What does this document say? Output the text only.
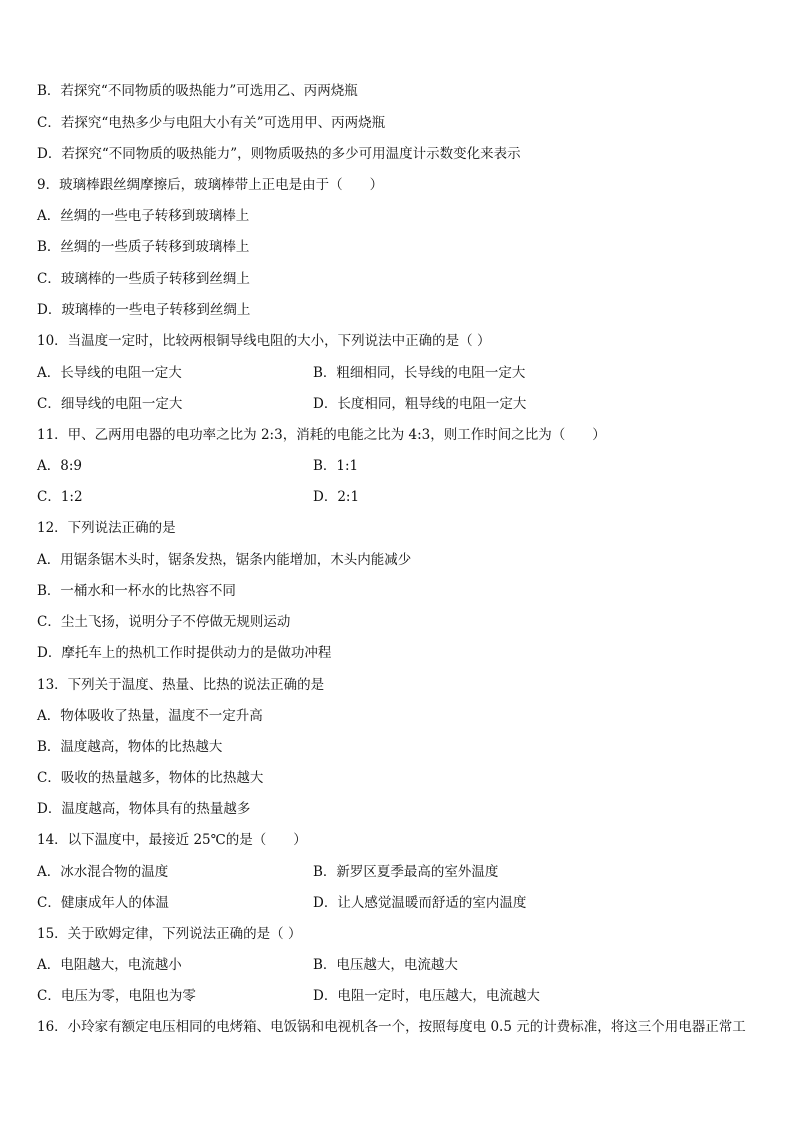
B．若探究“不同物质的吸热能力”可选用乙、丙两烧瓶
C．若探究“电热多少与电阻大小有关”可选用甲、丙两烧瓶
D．若探究“不同物质的吸热能力”，则物质吸热的多少可用温度计示数变化来表示
9．玻璃棒跟丝绸摩擦后，玻璃棒带上正电是由于（　　）
A．丝绸的一些电子转移到玻璃棒上
B．丝绸的一些质子转移到玻璃棒上
C．玻璃棒的一些质子转移到丝绸上
D．玻璃棒的一些电子转移到丝绸上
10．当温度一定时，比较两根铜导线电阻的大小，下列说法中正确的是（ ）
A．长导线的电阻一定大	B．粗细相同，长导线的电阻一定大
C．细导线的电阻一定大	D．长度相同，粗导线的电阻一定大
11．甲、乙两用电器的电功率之比为 2:3，消耗的电能之比为 4:3，则工作时间之比为（　　）
A．8:9	B．1:1
C．1:2	D．2:1
12．下列说法正确的是
A．用锯条锯木头时，锯条发热，锯条内能增加，木头内能减少
B．一桶水和一杯水的比热容不同
C．尘土飞扬，说明分子不停做无规则运动
D．摩托车上的热机工作时提供动力的是做功冲程
13．下列关于温度、热量、比热的说法正确的是
A．物体吸收了热量，温度不一定升高
B．温度越高，物体的比热越大
C．吸收的热量越多，物体的比热越大
D．温度越高，物体具有的热量越多
14．以下温度中，最接近 25℃的是（　　）
A．冰水混合物的温度	B．新罗区夏季最高的室外温度
C．健康成年人的体温	D．让人感觉温暖而舒适的室内温度
15．关于欧姆定律，下列说法正确的是（ ）
A．电阻越大，电流越小	B．电压越大，电流越大
C．电压为零，电阻也为零	D．电阻一定时，电压越大，电流越大
16．小玲家有额定电压相同的电烤箱、电饭锅和电视机各一个，按照每度电 0.5 元的计费标准，将这三个用电器正常工
